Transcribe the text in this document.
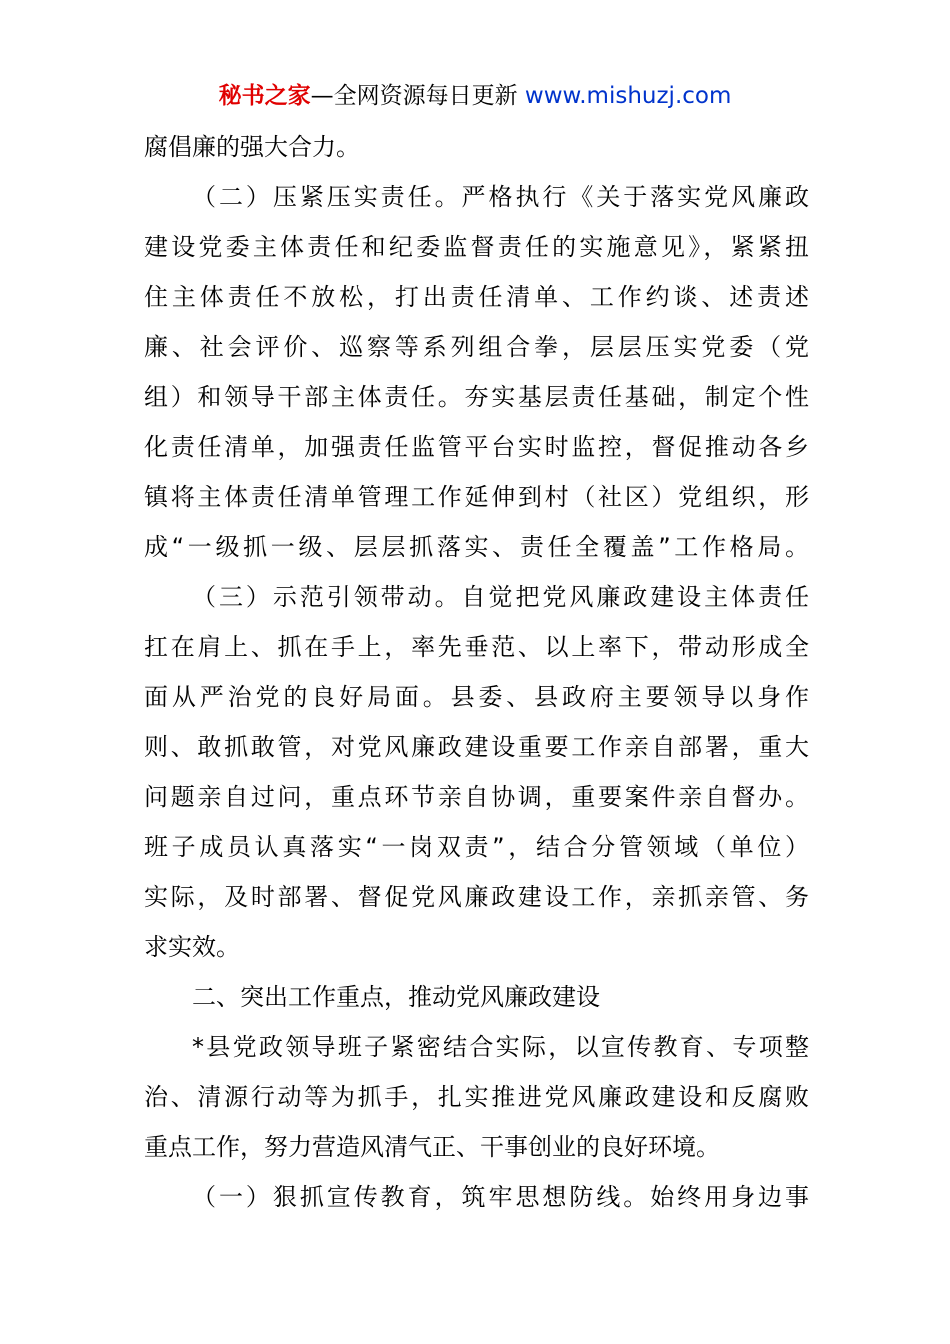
秘书之家—全网资源每日更新 www.mishuzj.com
腐倡廉的强大合力。
（二）压紧压实责任。严格执行《关于落实党风廉政
建设党委主体责任和纪委监督责任的实施意见》，紧紧扭
住主体责任不放松，打出责任清单、工作约谈、述责述
廉、社会评价、巡察等系列组合拳，层层压实党委（党
组）和领导干部主体责任。夯实基层责任基础，制定个性
化责任清单，加强责任监管平台实时监控，督促推动各乡
镇将主体责任清单管理工作延伸到村（社区）党组织，形
成“一级抓一级、层层抓落实、责任全覆盖”工作格局。
（三）示范引领带动。自觉把党风廉政建设主体责任
扛在肩上、抓在手上，率先垂范、以上率下，带动形成全
面从严治党的良好局面。县委、县政府主要领导以身作
则、敢抓敢管，对党风廉政建设重要工作亲自部署，重大
问题亲自过问，重点环节亲自协调，重要案件亲自督办。
班子成员认真落实“一岗双责”，结合分管领域（单位）
实际，及时部署、督促党风廉政建设工作，亲抓亲管、务
求实效。
二、突出工作重点，推动党风廉政建设
*县党政领导班子紧密结合实际，以宣传教育、专项整
治、清源行动等为抓手，扎实推进党风廉政建设和反腐败
重点工作，努力营造风清气正、干事创业的良好环境。
（一）狠抓宣传教育，筑牢思想防线。始终用身边事
